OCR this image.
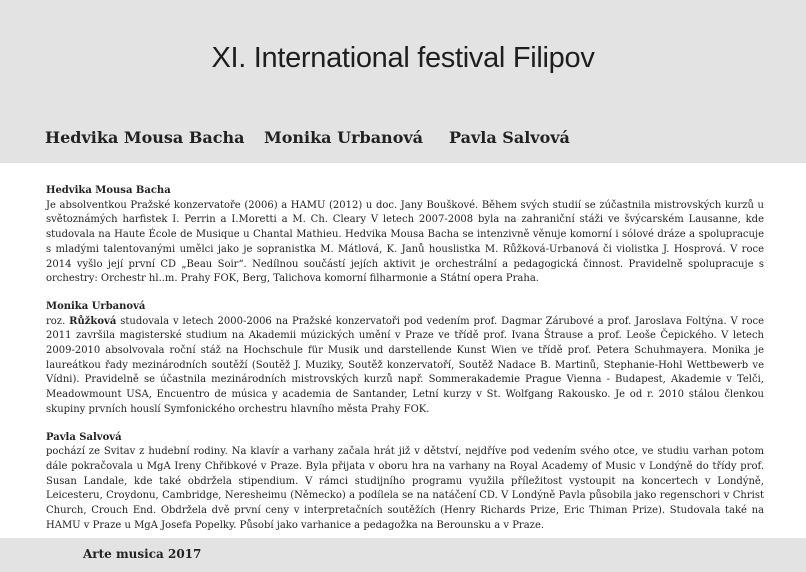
XI. International festival Filipov
Hedvika Mousa Bacha Monika Urbanová Pavla Salvová
Hedvika Mousa Bacha
Je absolventkou Pražské konzervatoře (2006) a HAMU (2012) u doc. Jany Bouškové. Během svých studií se zúčastnila mistrovských kurzů u světoznámých harfistek I. Perrin a I.Moretti a M. Ch. Cleary V letech 2007-2008 byla na zahraniční stáži ve švýcarském Lausanne, kde studovala na Haute École de Musique u Chantal Mathieu. Hedvika Mousa Bacha se intenzivně věnuje komorní i sólové dráze a spolupracuje s mladými talentovanými umělci jako je sopranistka M. Mátlová, K. Janů houslistka M. Růžková-Urbanová či violistka J. Hosprová. V roce 2014 vyšlo její první CD „Beau Soir“. Nedílnou součástí jejích aktivit je orchestrální a pedagogická činnost. Pravidelně spolupracuje s orchestry: Orchestr hl..m. Prahy FOK, Berg, Talichova komorní filharmonie a Státní opera Praha.
Monika Urbanová
roz. Růžková studovala v letech 2000-2006 na Pražské konzervatoři pod vedením prof. Dagmar Zárubové a prof. Jaroslava Foltýna. V roce 2011 završila magisterské studium na Akademii múzických umění v Praze ve třídě prof. Ivana Štrause a prof. Leoše Čepického. V letech 2009-2010 absolvovala roční stáž na Hochschule für Musik und darstellende Kunst Wien ve třídě prof. Petera Schuhmayera. Monika je laureátkou řady mezinárodních soutěží (Soutěž J. Muziky, Soutěž konzervatoří, Soutěž Nadace B. Martinů, Stephanie-Hohl Wettbewerb ve Vídni). Pravidelně se účastnila mezinárodních mistrovských kurzů např. Sommerakademie Prague Vienna - Budapest, Akademie v Telči, Meadowmount USA, Encuentro de música y academia de Santander, Letní kurzy v St. Wolfgang Rakousko. Je od r. 2010 stálou členkou skupiny prvních houslí Symfonického orchestru hlavního města Prahy FOK.
Pavla Salvová
pochází ze Svitav z hudební rodiny. Na klavír a varhany začala hrát již v dětství, nejdříve pod vedením svého otce, ve studiu varhan potom dále pokračovala u MgA Ireny Chřibkové v Praze. Byla přijata v oboru hra na varhany na Royal Academy of Music v Londýně do třídy prof. Susan Landale, kde také obdržela stipendium. V rámci studijního programu využila příležitost vystoupit na koncertech v Londýně, Leicesteru, Croydonu, Cambridge, Neresheimu (Německo) a podílela se na natáčení CD. V Londýně Pavla působila jako regenschori v Christ Church, Crouch End. Obdržela dvě první ceny v interpretačních soutěžích (Henry Richards Prize, Eric Thiman Prize). Studovala také na HAMU v Praze u MgA Josefa Popelky. Působí jako varhanice a pedagožka na Berounsku a v Praze.
Arte musica 2017
